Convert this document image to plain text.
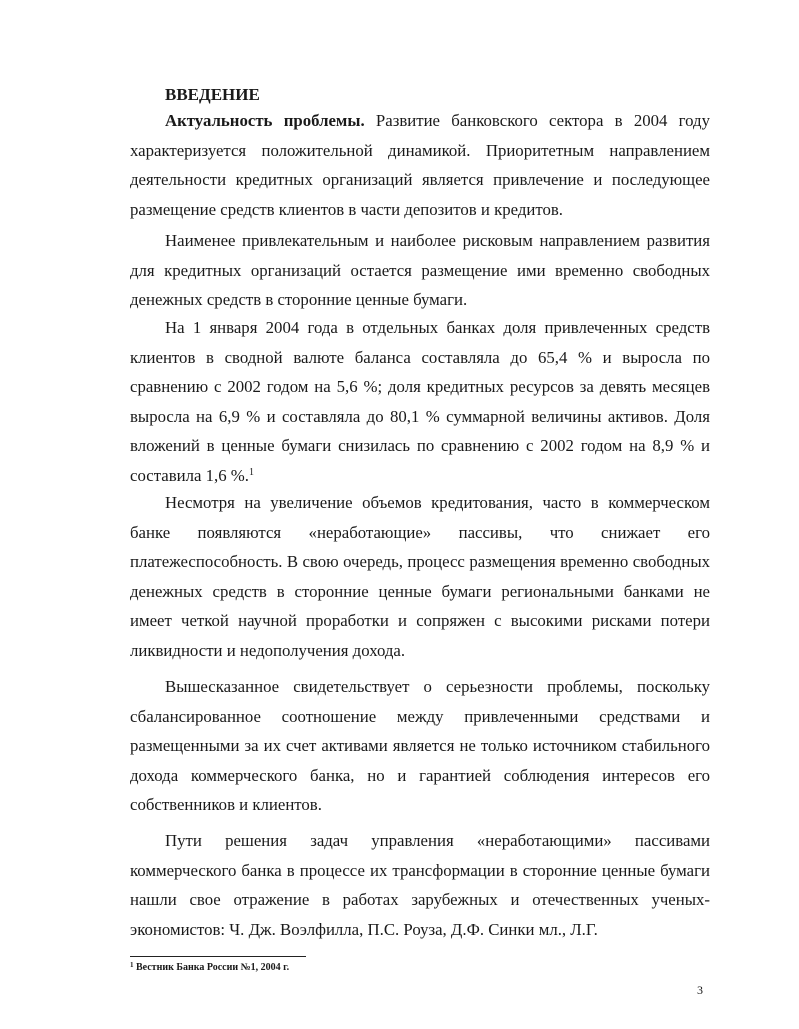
ВВЕДЕНИЕ

Актуальность проблемы. Развитие банковского сектора в 2004 году характеризуется положительной динамикой. Приоритетным направлением деятельности кредитных организаций является привлечение и последующее размещение средств клиентов в части депозитов и кредитов.

Наименее привлекательным и наиболее рисковым направлением развития для кредитных организаций остается размещение ими временно свободных денежных средств в сторонние ценные бумаги.

На 1 января 2004 года в отдельных банках доля привлеченных средств клиентов в сводной валюте баланса составляла до 65,4 % и выросла по сравнению с 2002 годом на 5,6 %; доля кредитных ресурсов за девять месяцев выросла на 6,9 % и составляла до 80,1 % суммарной величины активов. Доля вложений в ценные бумаги снизилась по сравнению с 2002 годом на 8,9 % и составила 1,6 %.$^1$

Несмотря на увеличение объемов кредитования, часто в коммерческом банке    появляются    «неработающие»    пассивы,    что    снижает    его платежеспособность. В свою очередь, процесс размещения временно свободных денежных средств в сторонние ценные бумаги региональными банками не имеет четкой научной проработки и сопряжен с высокими рисками потери ликвидности и недополучения дохода.

Вышесказанное свидетельствует о серьезности проблемы, поскольку сбалансированное соотношение между привлеченными средствами и размещенными за их счет активами является не только источником стабильного дохода коммерческого банка, но и гарантией соблюдения интересов его собственников и клиентов.

Пути решения задач управления «неработающими» пассивами коммерческого банка в процессе их трансформации в сторонние ценные бумаги нашли свое отражение в работах зарубежных и отечественных ученых-экономистов: Ч. Дж. Воэлфилла, П.С. Роуза, Д.Ф. Синки мл., Л.Г.

$^1$ Вестник Банка России №1, 2004 г.
3
